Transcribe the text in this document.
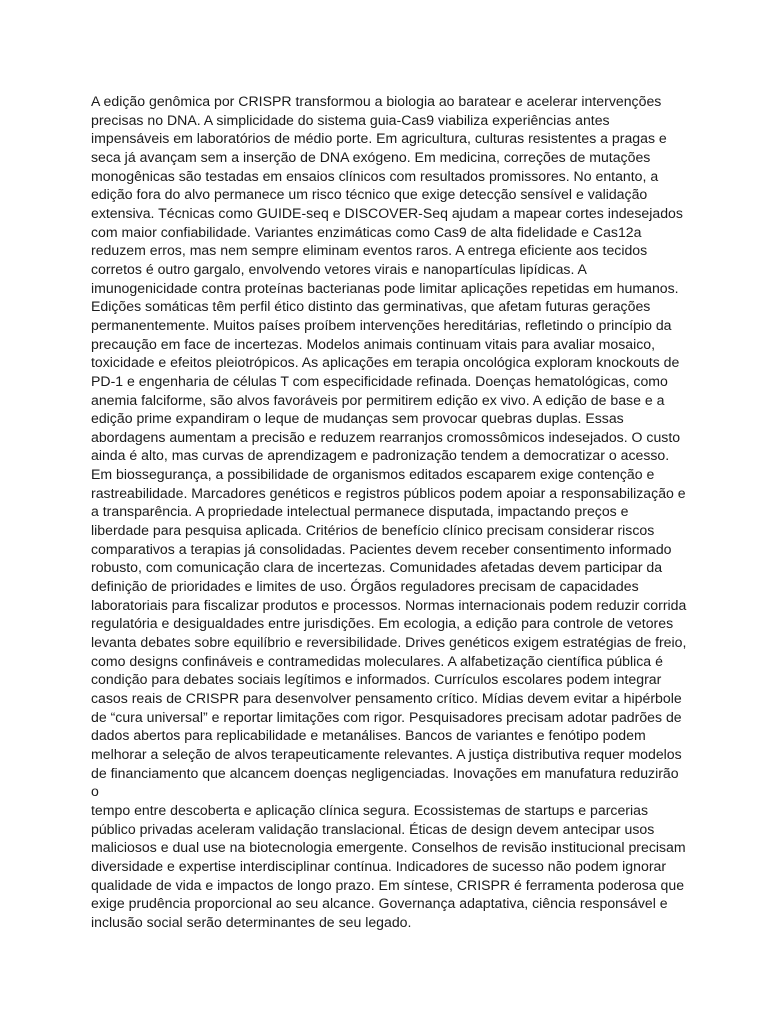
A edição genômica por CRISPR transformou a biologia ao baratear e acelerar intervenções
precisas no DNA. A simplicidade do sistema guia-Cas9 viabiliza experiências antes
impensáveis em laboratórios de médio porte. Em agricultura, culturas resistentes a pragas e
seca já avançam sem a inserção de DNA exógeno. Em medicina, correções de mutações
monogênicas são testadas em ensaios clínicos com resultados promissores. No entanto, a
edição fora do alvo permanece um risco técnico que exige detecção sensível e validação
extensiva. Técnicas como GUIDE-seq e DISCOVER-Seq ajudam a mapear cortes indesejados
com maior confiabilidade. Variantes enzimáticas como Cas9 de alta fidelidade e Cas12a
reduzem erros, mas nem sempre eliminam eventos raros. A entrega eficiente aos tecidos
corretos é outro gargalo, envolvendo vetores virais e nanopartículas lipídicas. A
imunogenicidade contra proteínas bacterianas pode limitar aplicações repetidas em humanos.
Edições somáticas têm perfil ético distinto das germinativas, que afetam futuras gerações
permanentemente. Muitos países proíbem intervenções hereditárias, refletindo o princípio da
precaução em face de incertezas. Modelos animais continuam vitais para avaliar mosaico,
toxicidade e efeitos pleiotrópicos. As aplicações em terapia oncológica exploram knockouts de
PD-1 e engenharia de células T com especificidade refinada. Doenças hematológicas, como
anemia falciforme, são alvos favoráveis por permitirem edição ex vivo. A edição de base e a
edição prime expandiram o leque de mudanças sem provocar quebras duplas. Essas
abordagens aumentam a precisão e reduzem rearranjos cromossômicos indesejados. O custo
ainda é alto, mas curvas de aprendizagem e padronização tendem a democratizar o acesso.
Em biossegurança, a possibilidade de organismos editados escaparem exige contenção e
rastreabilidade. Marcadores genéticos e registros públicos podem apoiar a responsabilização e
a transparência. A propriedade intelectual permanece disputada, impactando preços e
liberdade para pesquisa aplicada. Critérios de benefício clínico precisam considerar riscos
comparativos a terapias já consolidadas. Pacientes devem receber consentimento informado
robusto, com comunicação clara de incertezas. Comunidades afetadas devem participar da
definição de prioridades e limites de uso. Órgãos reguladores precisam de capacidades
laboratoriais para fiscalizar produtos e processos. Normas internacionais podem reduzir corrida
regulatória e desigualdades entre jurisdições. Em ecologia, a edição para controle de vetores
levanta debates sobre equilíbrio e reversibilidade. Drives genéticos exigem estratégias de freio,
como designs confináveis e contramedidas moleculares. A alfabetização científica pública é
condição para debates sociais legítimos e informados. Currículos escolares podem integrar
casos reais de CRISPR para desenvolver pensamento crítico. Mídias devem evitar a hipérbole
de “cura universal” e reportar limitações com rigor. Pesquisadores precisam adotar padrões de
dados abertos para replicabilidade e metanálises. Bancos de variantes e fenótipo podem
melhorar a seleção de alvos terapeuticamente relevantes. A justiça distributiva requer modelos
de financiamento que alcancem doenças negligenciadas. Inovações em manufatura reduzirão o
tempo entre descoberta e aplicação clínica segura. Ecossistemas de startups e parcerias
público privadas aceleram validação translacional. Éticas de design devem antecipar usos
maliciosos e dual use na biotecnologia emergente. Conselhos de revisão institucional precisam
diversidade e expertise interdisciplinar contínua. Indicadores de sucesso não podem ignorar
qualidade de vida e impactos de longo prazo. Em síntese, CRISPR é ferramenta poderosa que
exige prudência proporcional ao seu alcance. Governança adaptativa, ciência responsável e
inclusão social serão determinantes de seu legado.
